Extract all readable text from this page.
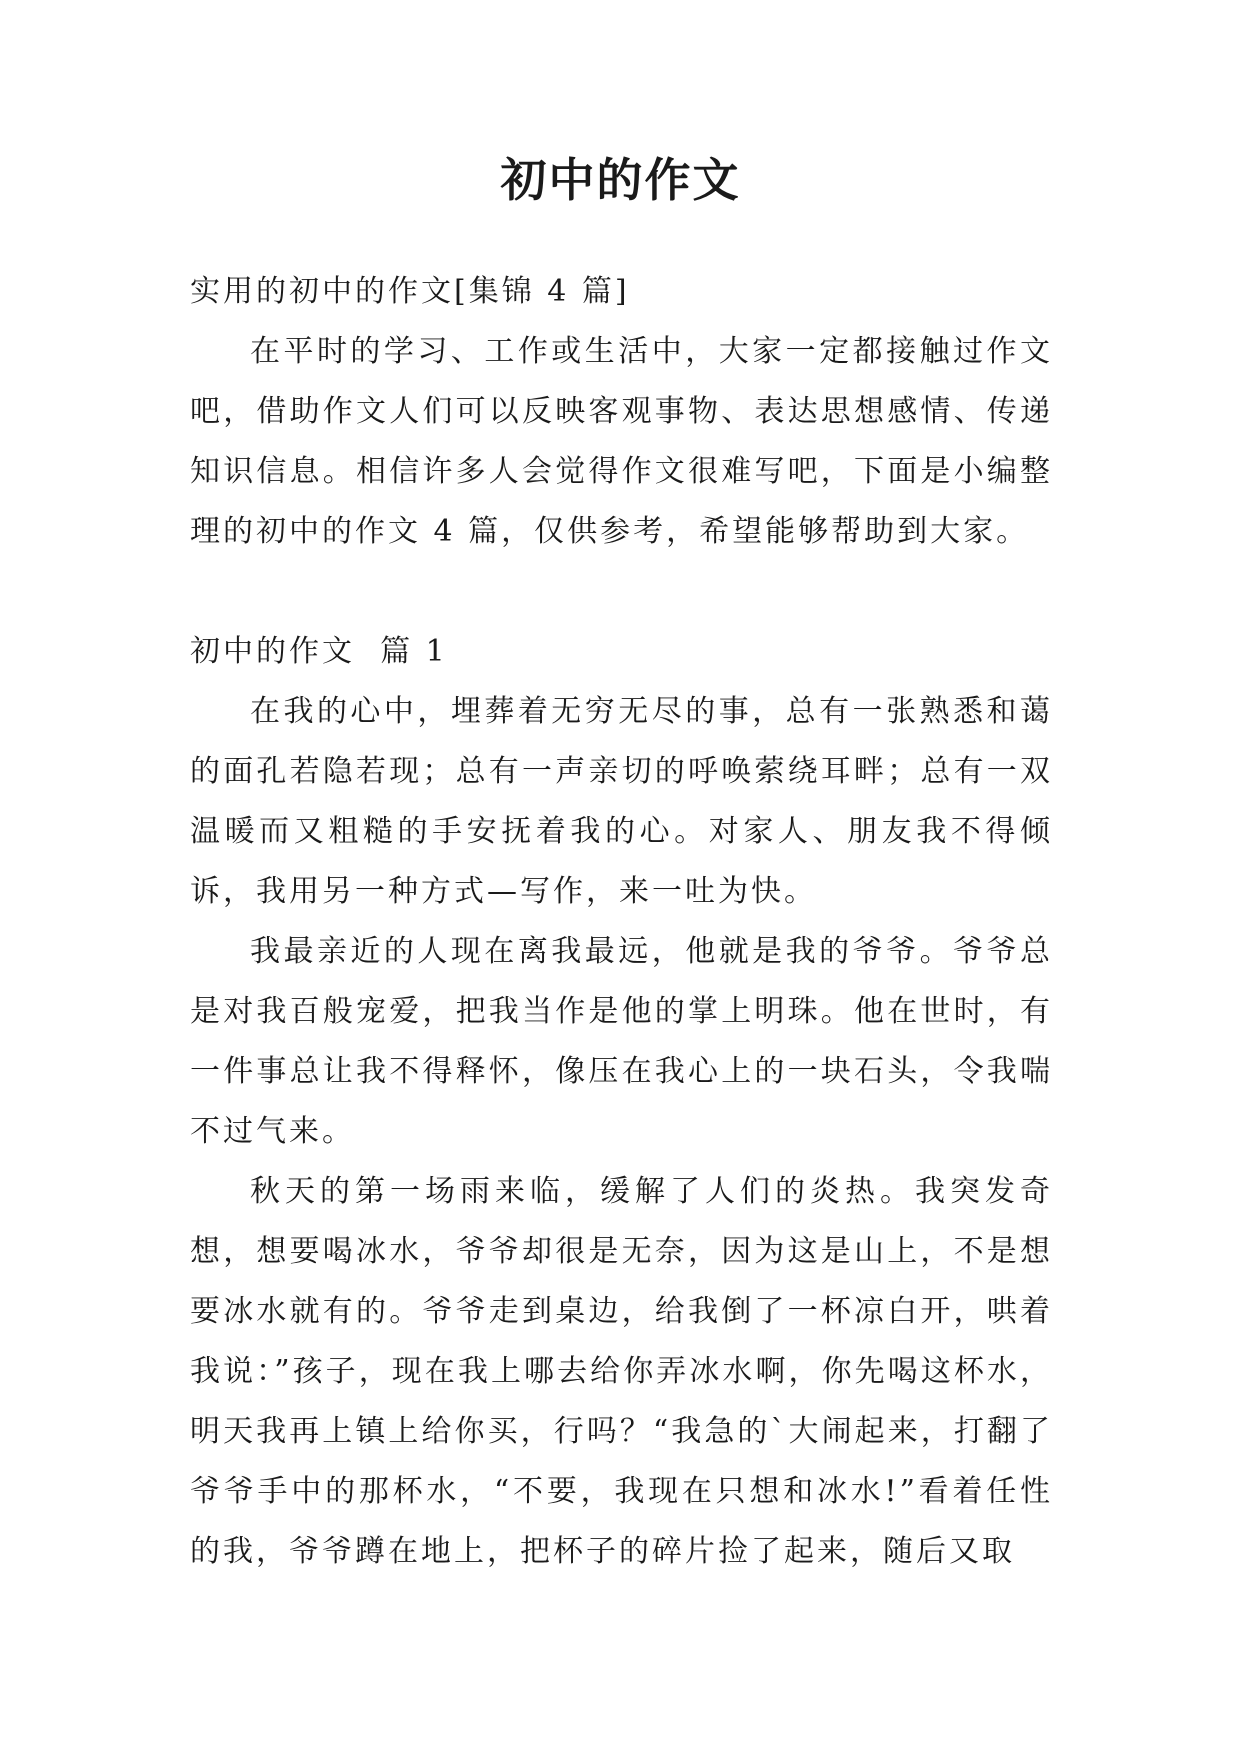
初中的作文

实用的初中的作文[集锦 4 篇]

在平时的学习、工作或生活中，大家一定都接触过作文吧，借助作文人们可以反映客观事物、表达思想感情、传递知识信息。相信许多人会觉得作文很难写吧，下面是小编整理的初中的作文 4 篇，仅供参考，希望能够帮助到大家。

初中的作文  篇 1

在我的心中，埋葬着无穷无尽的事，总有一张熟悉和蔼的面孔若隐若现；总有一声亲切的呼唤萦绕耳畔；总有一双温暖而又粗糙的手安抚着我的心。对家人、朋友我不得倾诉，我用另一种方式—写作，来一吐为快。

我最亲近的人现在离我最远，他就是我的爷爷。爷爷总是对我百般宠爱，把我当作是他的掌上明珠。他在世时，有一件事总让我不得释怀，像压在我心上的一块石头，令我喘不过气来。

秋天的第一场雨来临，缓解了人们的炎热。我突发奇想，想要喝冰水，爷爷却很是无奈，因为这是山上，不是想要冰水就有的。爷爷走到桌边，给我倒了一杯凉白开，哄着我说：”孩子，现在我上哪去给你弄冰水啊，你先喝这杯水，明天我再上镇上给你买，行吗？“我急的`大闹起来，打翻了爷爷手中的那杯水，“不要，我现在只想和冰水!”看着任性的我，爷爷蹲在地上，把杯子的碎片捡了起来，随后又取
